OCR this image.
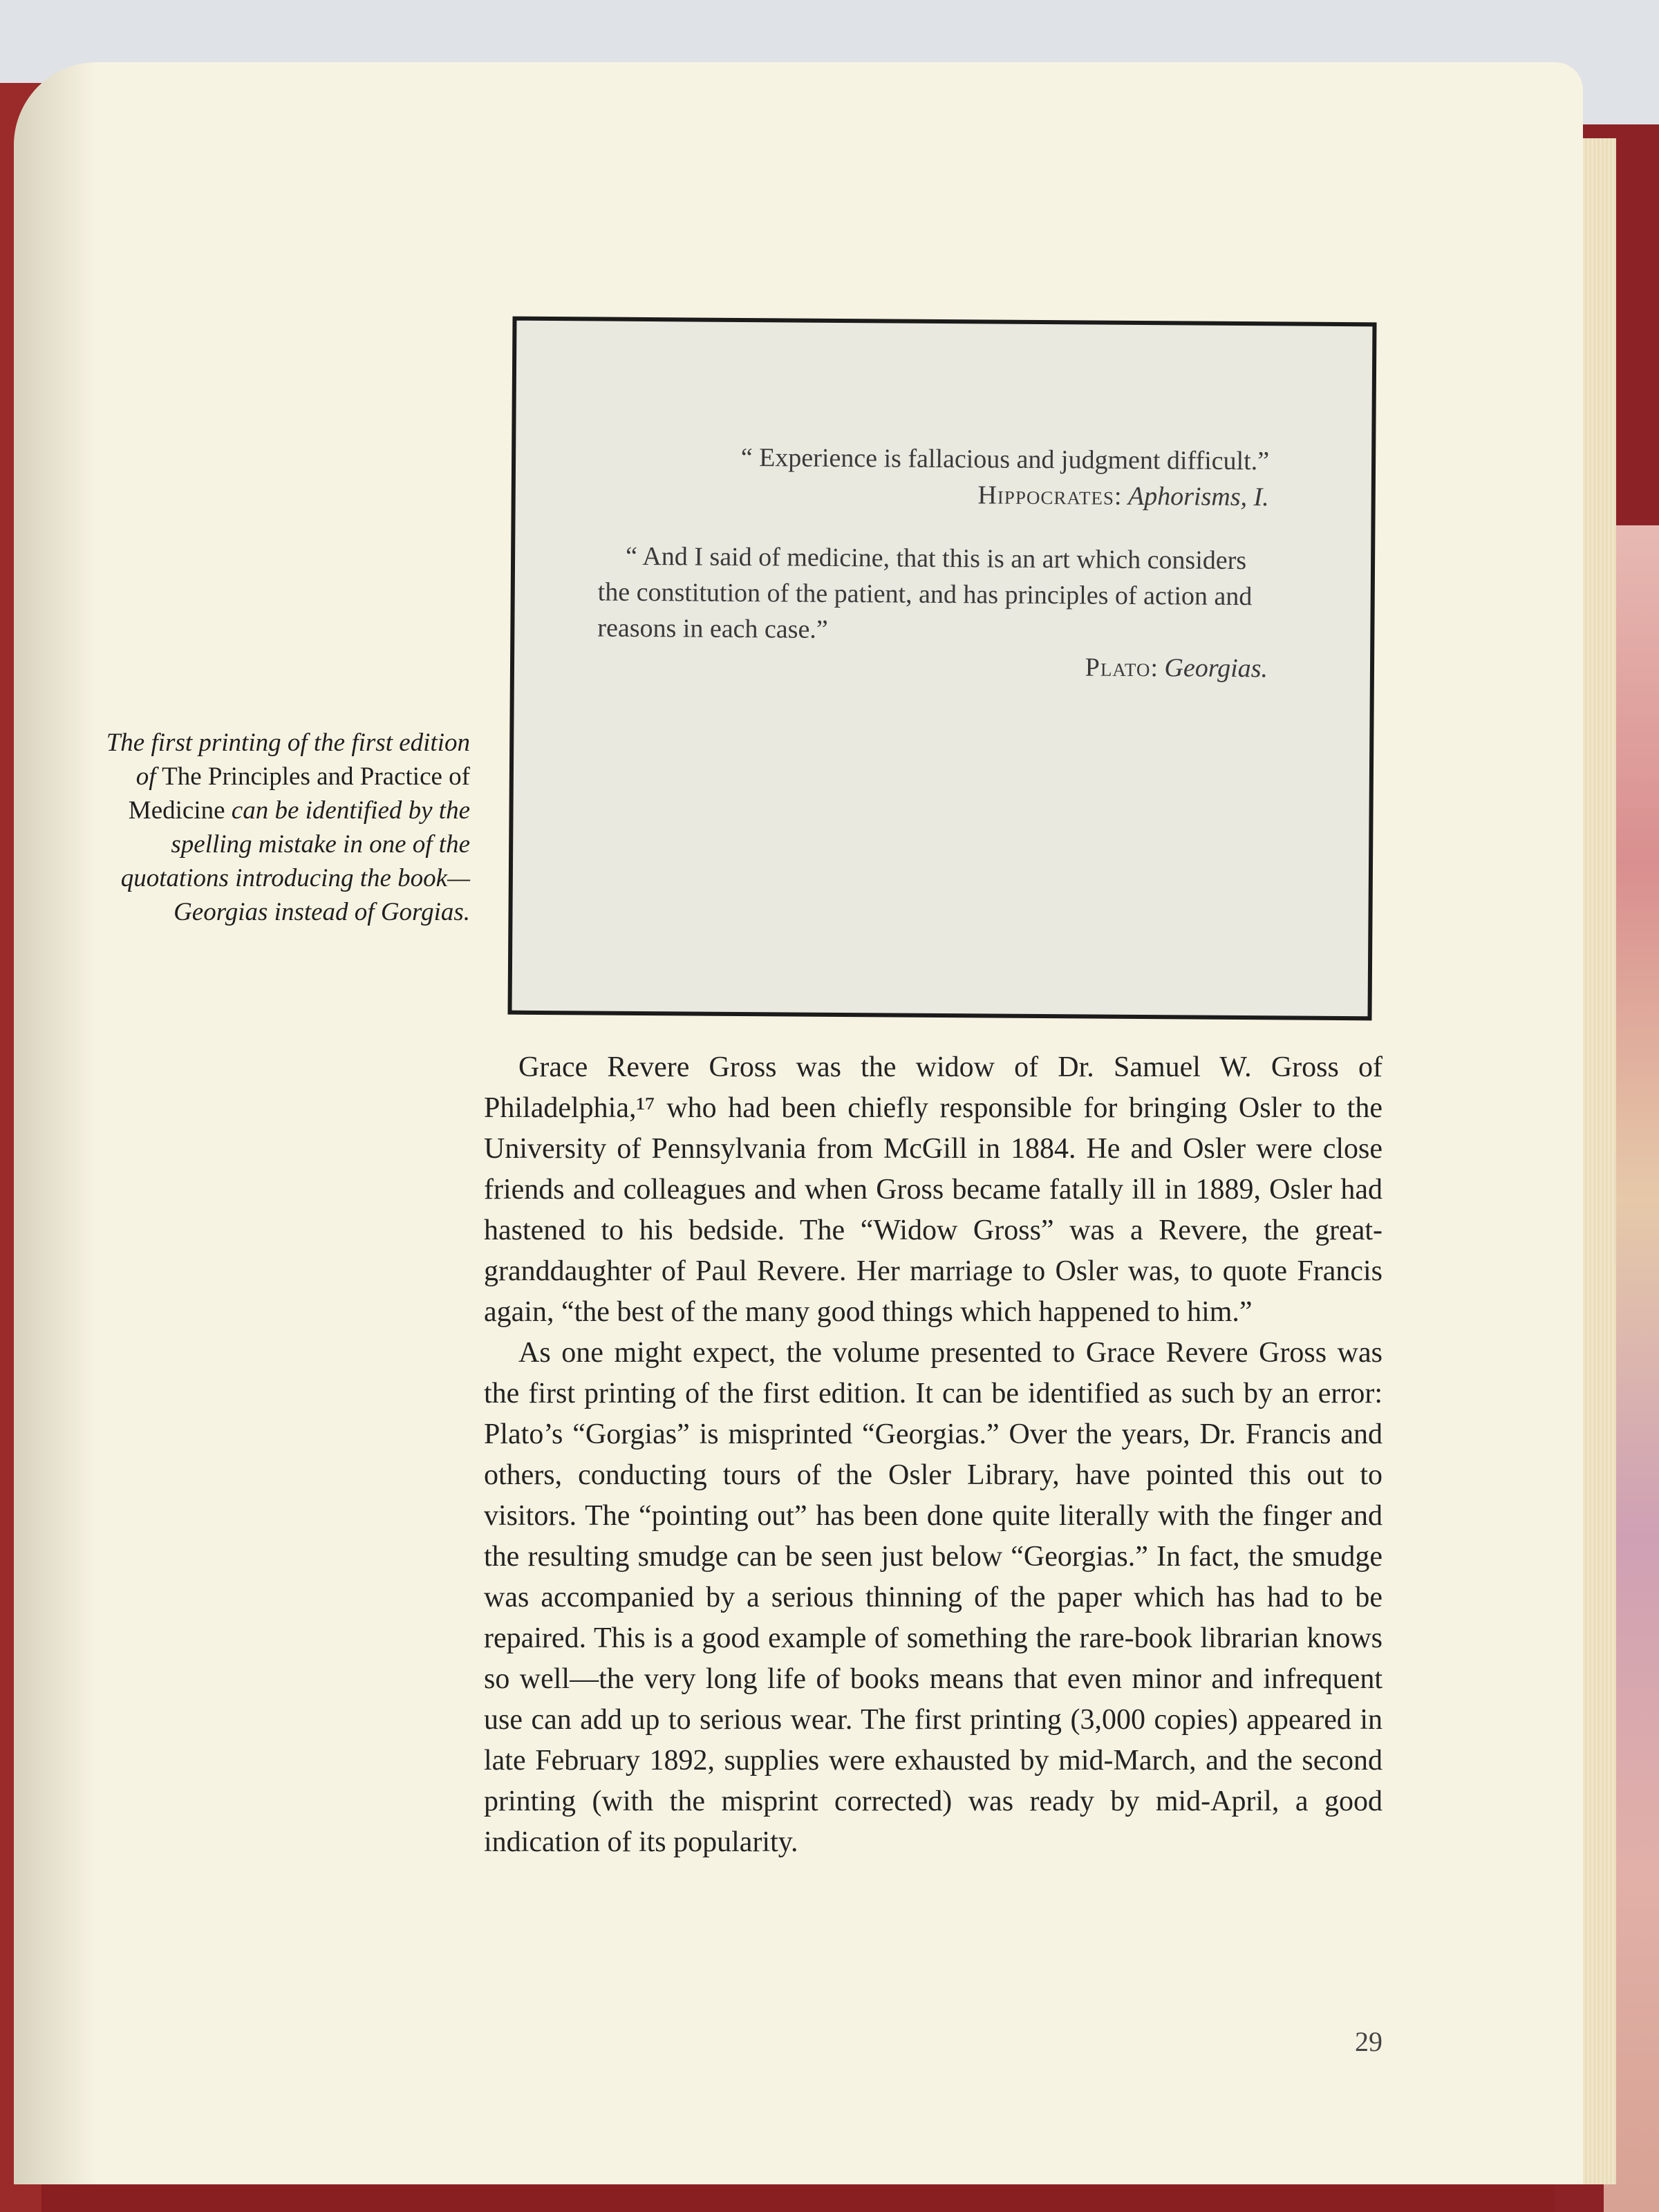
“ Experience is fallacious and judgment difficult.”

Hippocrates: Aphorisms, I.

“ And I said of medicine, that this is an art which considers the constitution of the patient, and has principles of action and reasons in each case.”

Plato: Georgias.

The first printing of the first edition of The Principles and Practice of Medicine can be identified by the spelling mistake in one of the quotations introducing the book—Georgias instead of Gorgias.

Grace Revere Gross was the widow of Dr. Samuel W. Gross of Philadelphia,¹⁷ who had been chiefly responsible for bringing Osler to the University of Pennsylvania from McGill in 1884. He and Osler were close friends and colleagues and when Gross became fatally ill in 1889, Osler had hastened to his bedside. The “Widow Gross” was a Revere, the great-granddaughter of Paul Revere. Her marriage to Osler was, to quote Francis again, “the best of the many good things which happened to him.”

As one might expect, the volume presented to Grace Revere Gross was the first printing of the first edition. It can be identified as such by an error: Plato’s “Gorgias” is misprinted “Georgias.” Over the years, Dr. Francis and others, conducting tours of the Osler Library, have pointed this out to visitors. The “pointing out” has been done quite literally with the finger and the resulting smudge can be seen just below “Georgias.” In fact, the smudge was accompanied by a serious thinning of the paper which has had to be repaired. This is a good example of something the rare-book librarian knows so well—the very long life of books means that even minor and infrequent use can add up to serious wear. The first printing (3,000 copies) appeared in late February 1892, supplies were exhausted by mid-March, and the second printing (with the misprint corrected) was ready by mid-April, a good indication of its popularity.

29
